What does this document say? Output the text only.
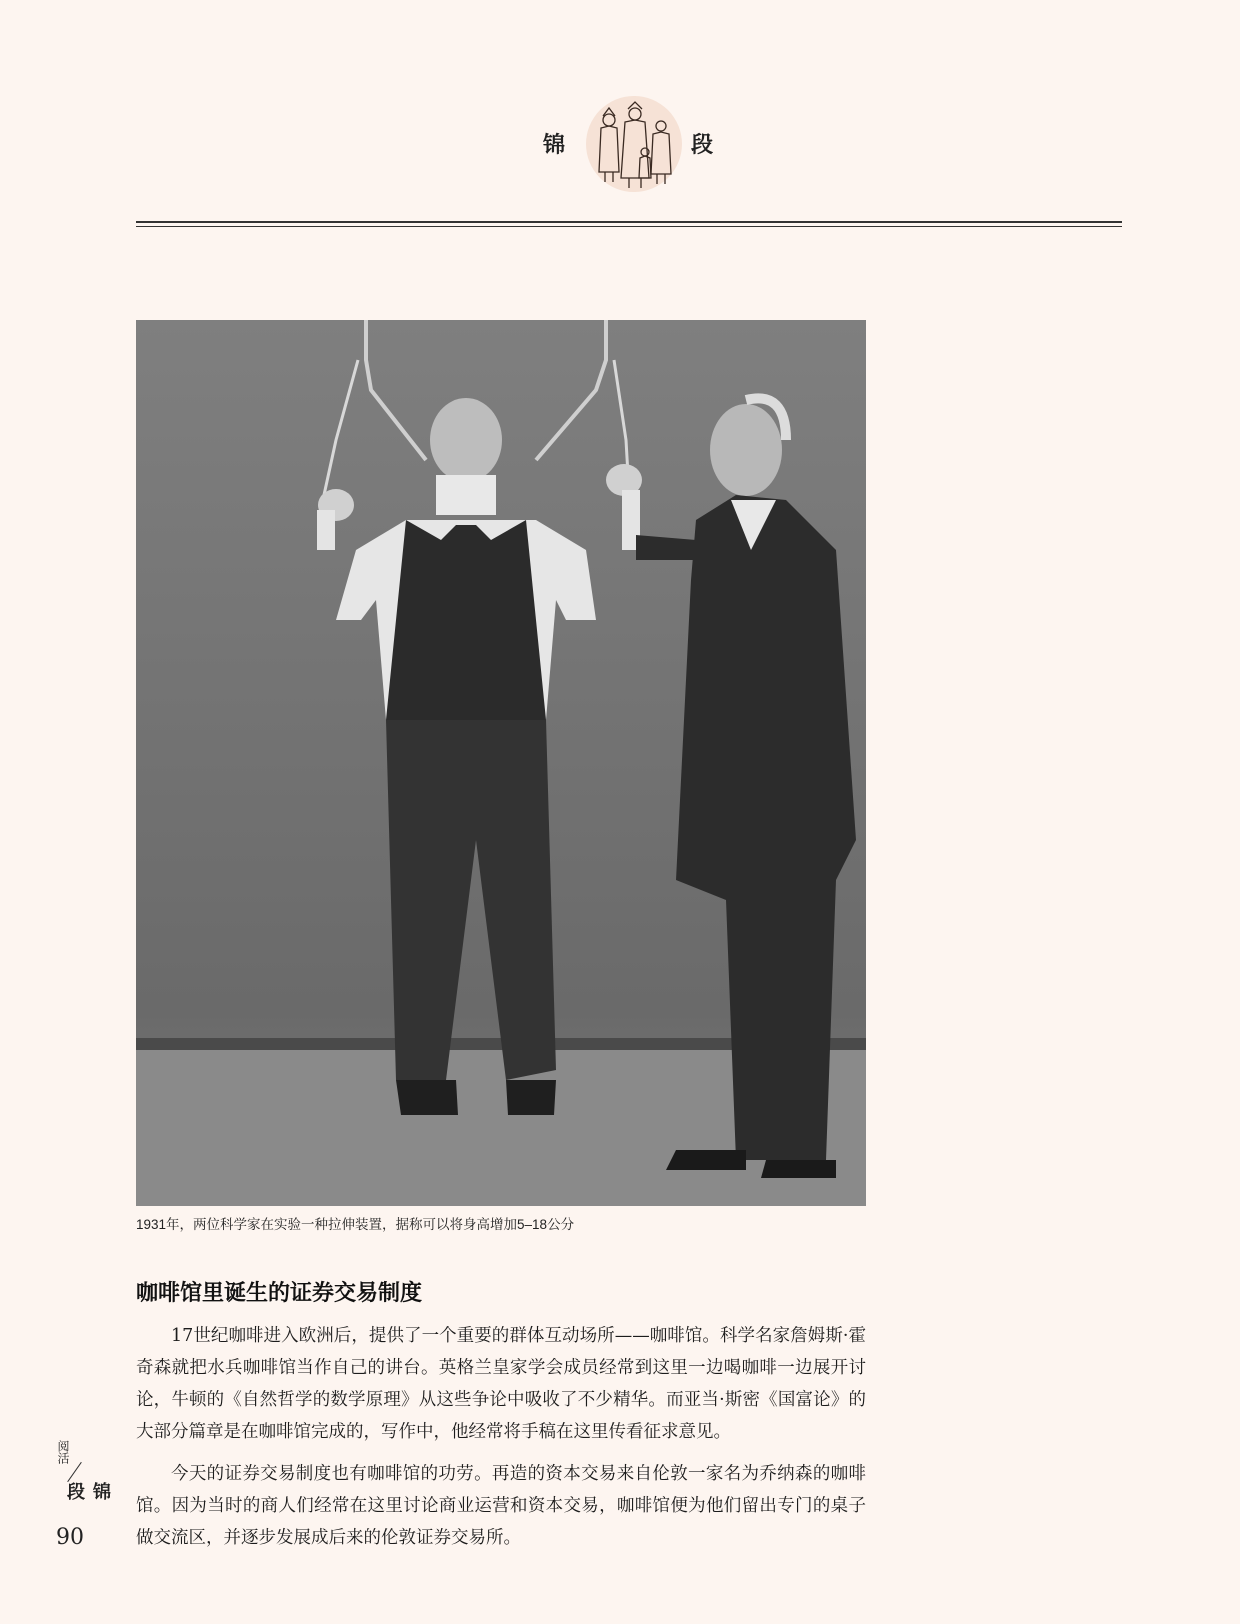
锦	段
1931年，两位科学家在实验一种拉伸装置，据称可以将身高增加5–18公分
咖啡馆里诞生的证券交易制度
17世纪咖啡进入欧洲后，提供了一个重要的群体互动场所——咖啡馆。科学名家詹姆斯·霍奇森就把水兵咖啡馆当作自己的讲台。英格兰皇家学会成员经常到这里一边喝咖啡一边展开讨论，牛顿的《自然哲学的数学原理》从这些争论中吸收了不少精华。而亚当·斯密《国富论》的大部分篇章是在咖啡馆完成的，写作中，他经常将手稿在这里传看征求意见。
今天的证券交易制度也有咖啡馆的功劳。再造的资本交易来自伦敦一家名为乔纳森的咖啡馆。因为当时的商人们经常在这里讨论商业运营和资本交易，咖啡馆便为他们留出专门的桌子做交流区，并逐步发展成后来的伦敦证券交易所。
阅活
锦段
90
